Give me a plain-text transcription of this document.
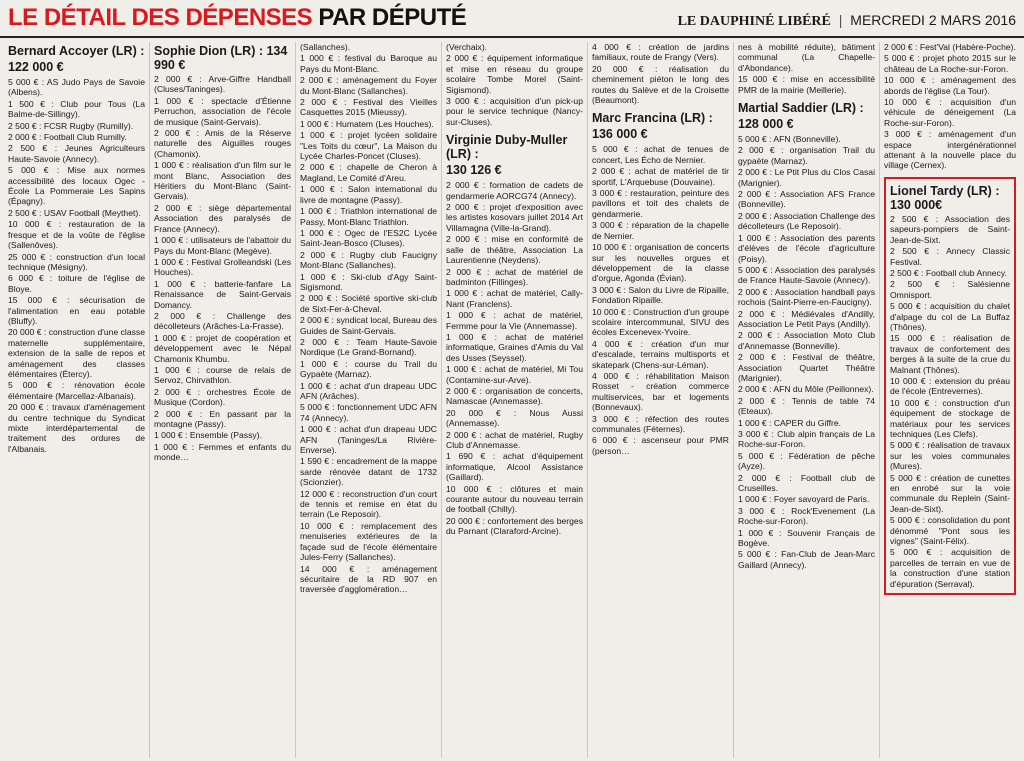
LE DÉTAIL DES DÉPENSES PAR DÉPUTÉ	LE DAUPHINÉ LIBÉRÉ | MERCREDI 2 MARS 2016
Bernard Accoyer (LR) :
122 000 €
5 000 € : AS Judo Pays de Savoie (Albens).
1 500 € : Club pour Tous (La Balme-de-Sillingy).
2 500 € : FCSR Rugby (Rumilly).
2 000 € : Football Club Rumilly.
2 500 € : Jeunes Agriculteurs Haute-Savoie (Annecy).
5 000 € : Mise aux normes accessibilité des locaux Ogec - École La Pommeraie Les Sapins (Épagny).
2 500 € : USAV Football (Meythet).
10 000 € : restauration de la fresque et de la voûte de l'église (Sallenôves).
25 000 € : construction d'un local technique (Mésigny).
6 000 € : toiture de l'église de Bloye.
15 000 € : sécurisation de l'alimentation en eau potable (Bluffy).
20 000 € : construction d'une classe maternelle supplémentaire, extension de la salle de repos et aménagement des classes élémentaires (Étercy).
5 000 € : rénovation école élémentaire (Marcellaz-Albanais).
20 000 € : travaux d'aménagement du centre technique du Syndicat mixte interdépartemental de traitement des ordures de l'Albanais.
Sophie Dion (LR) : 134 990 €
2 000 € : Arve-Giffre Handball (Cluses/Taninges).
1 000 € : spectacle d'Étienne Perruchon, association de l'école de musique (Saint-Gervais).
2 000 € : Amis de la Réserve naturelle des Aiguilles rouges (Chamonix).
1 000 € : réalisation d'un film sur le mont Blanc, Association des Héritiers du Mont-Blanc (Saint-Gervais).
2 000 € : siège départemental Association des paralysés de France (Annecy).
1 000 € : utilisateurs de l'abattoir du Pays du Mont-Blanc (Megève).
1 000 € : Festival Grolleandski (Les Houches).
1 000 € : batterie-fanfare La Renaissance de Saint-Gervais Domancy.
2 000 € : Challenge des décolleteurs (Arâches-La-Frasse).
1 000 € : projet de coopération et développement avec le Népal Chamonix Khumbu.
1 000 € : course de relais de Servoz, Chirvathlon.
2 000 € : orchestres École de Musique (Cordon).
2 000 € : En passant par la montagne (Passy).
1 000 € : Ensemble (Passy).
1 000 € : Femmes et enfants du monde…
(Sallanches).
1 000 € : festival du Baroque au Pays du Mont-Blanc.
2 000 € : aménagement du Foyer du Mont-Blanc (Sallanches).
2 000 € : Festival des Vieilles Casquettes 2015 (Mieussy).
1 000 € : Humatem (Les Houches).
1 000 € : projet lycéen solidaire "Les Toits du cœur", La Maison du Lycée Charles-Poncet (Cluses).
2 000 € : chapelle de Cheron à Magland, Le Comité d'Areu.
1 000 € : Salon international du livre de montagne (Passy).
1 000 € : Triathlon international de Passy, Mont-Blanc Triathlon.
1 000 € : Ogec de l'ES2C Lycée Saint-Jean-Bosco (Cluses).
2 000 € : Rugby club Faucigny Mont-Blanc (Sallanches).
1 000 € : Ski-club d'Agy Saint-Sigismond.
2 000 € : Société sportive ski-club de Sixt-Fer-à-Cheval.
2 000 € : syndicat local, Bureau des Guides de Saint-Gervais.
2 000 € : Team Haute-Savoie Nordique (Le Grand-Bornand).
1 000 € : course du Trail du Gypaète (Marnaz).
1 000 € : achat d'un drapeau UDC AFN (Arâches).
5 000 € : fonctionnement UDC AFN 74 (Annecy).
1 000 € : achat d'un drapeau UDC AFN (Taninges/La Rivière-Enverse).
1 590 € : encadrement de la mappe sarde rénovée datant de 1732 (Scionzier).
12 000 € : reconstruction d'un court de tennis et remise en état du terrain (Le Reposoir).
10 000 € : remplacement des menuiseries extérieures de la façade sud de l'école élémentaire Jules-Ferry (Sallanches).
14 000 € : aménagement sécuritaire de la RD 907 en traversée d'agglomération…
(Verchaix).
2 000 € : équipement informatique et mise en réseau du groupe scolaire Tombe Morel (Saint-Sigismond).
3 000 € : acquisition d'un pick-up pour le service technique (Nancy-sur-Cluses).
Virginie Duby-Muller (LR) :
130 126 €
2 000 € : formation de cadets de gendarmerie AORCG74 (Annecy).
2 000 € : projet d'exposition avec les artistes kosovars juillet 2014 Art Villamagna (Ville-la-Grand).
2 000 € : mise en conformité de salle de théâtre, Association La Laurentienne (Neydens).
2 000 € : achat de matériel de badminton (Fillinges).
1 000 € : achat de matériel, Cally-Nant (Franclens).
1 000 € : achat de matériel, Fermme pour la Vie (Annemasse).
1 000 € : achat de matériel informatique, Graines d'Amis du Val des Usses (Seyssel).
1 000 € : achat de matériel, Mi Tou (Contamine-sur-Arve).
2 000 € : organisation de concerts, Namascae (Annemasse).
20 000 € : Nous Aussi (Annemasse).
2 000 € : achat de matériel, Rugby Club d'Annemasse.
1 690 € : achat d'équipement informatique, Alcool Assistance (Gaillard).
10 000 € : clôtures et main courante autour du nouveau terrain de football (Chilly).
20 000 € : confortement des berges du Parnant (Claraford-Arcine).
4 000 € : création de jardins familiaux, route de Frangy (Vers).
20 000 € : réalisation du cheminement piéton le long des routes du Salève et de la Croisette (Beaumont).
Marc Francina (LR) :
136 000 €
5 000 € : achat de tenues de concert, Les Écho de Nernier.
2 000 € : achat de matériel de tir sportif, L'Arquebuse (Douvaine).
3 000 € : restauration, peinture des pavillons et toit des chalets de gendarmerie.
3 000 € : réparation de la chapelle de Nernier.
10 000 € : organisation de concerts sur les nouvelles orgues et développement de la classe d'orgue, Agonda (Évian).
3 000 € : Salon du Livre de Ripaille, Fondation Ripaille.
10 000 € : Construction d'un groupe scolaire intercommunal, SIVU des écoles Excenevex-Yvoire.
4 000 € : création d'un mur d'escalade, terrains multisports et skatepark (Chens-sur-Léman).
4 000 € : réhabilitation Maison Rosset - création commerce multiservices, bar et logements (Bonnevaux).
3 000 € : réfection des routes communales (Féternes).
6 000 € : ascenseur pour PMR (person…
nes à mobilité réduite), bâtiment communal (La Chapelle-d'Abondance).
15 000 € : mise en accessibilité PMR de la mairie (Meillerie).
Martial Saddier (LR) :
128 000 €
5 000 € : AFN (Bonneville).
2 000 € : organisation Trail du gypaète (Marnaz).
2 000 € : Le Ptit Plus du Clos Casai (Marignier).
2 000 € : Association AFS France (Bonneville).
2 000 € : Association Challenge des décolleteurs (Le Reposoir).
1 000 € : Association des parents d'élèves de l'école d'agriculture (Poisy).
5 000 € : Association des paralysés de France Haute-Savoie (Annecy).
2 000 € : Association handball pays rochois (Saint-Pierre-en-Faucigny).
2 000 € : Médiévales d'Andilly, Association Le Petit Pays (Andilly).
2 000 € : Association Moto Club d'Annemasse (Bonneville).
2 000 € : Festival de théâtre, Association Quartet Théâtre (Marignier).
2 000 € : AFN du Môle (Peillonnex).
2 000 € : Tennis de table 74 (Eteaux).
1 000 € : CAPER du Giffre.
3 000 € : Club alpin français de La Roche-sur-Foron.
5 000 € : Fédération de pêche (Ayze).
2 000 € : Football club de Cruseilles.
1 000 € : Foyer savoyard de Paris.
3 000 € : Rock'Evenement (La Roche-sur-Foron).
1 000 € : Souvenir Français de Bogève.
5 000 € : Fan-Club de Jean-Marc Gaillard (Annecy).
2 000 € : Fest'Val (Habère-Poche).
5 000 € : projet photo 2015 sur le château de La Roche-sur-Foron.
10 000 € : aménagement des abords de l'église (La Tour).
10 000 € : acquisition d'un véhicule de déneigement (La Roche-sur-Foron).
3 000 € : aménagement d'un espace intergénérationnel attenant à la nouvelle place du village (Cernex).
Lionel Tardy (LR) : 130 000€
2 500 € : Association des sapeurs-pompiers de Saint-Jean-de-Sixt.
2 500 € : Annecy Classic Festival.
2 500 € : Football club Annecy.
2 500 € : Salésienne Omnisport.
5 000 € : acquisition du chalet d'alpage du col de La Buffaz (Thônes).
15 000 € : réalisation de travaux de confortement des berges à la suite de la crue du Malnant (Thônes).
10 000 € : extension du préau de l'école (Entrevernes).
10 000 € : construction d'un équipement de stockage de matériaux pour les services techniques (Les Clefs).
5 000 € : réalisation de travaux sur les voies communales (Mures).
5 000 € : création de cunettes en enrobé sur la voie communale du Replein (Saint-Jean-de-Sixt).
5 000 € : consolidation du pont dénommé "Pont sous les vignes" (Saint-Félix).
5 000 € : acquisition de parcelles de terrain en vue de la construction d'une station d'épuration (Serraval).
